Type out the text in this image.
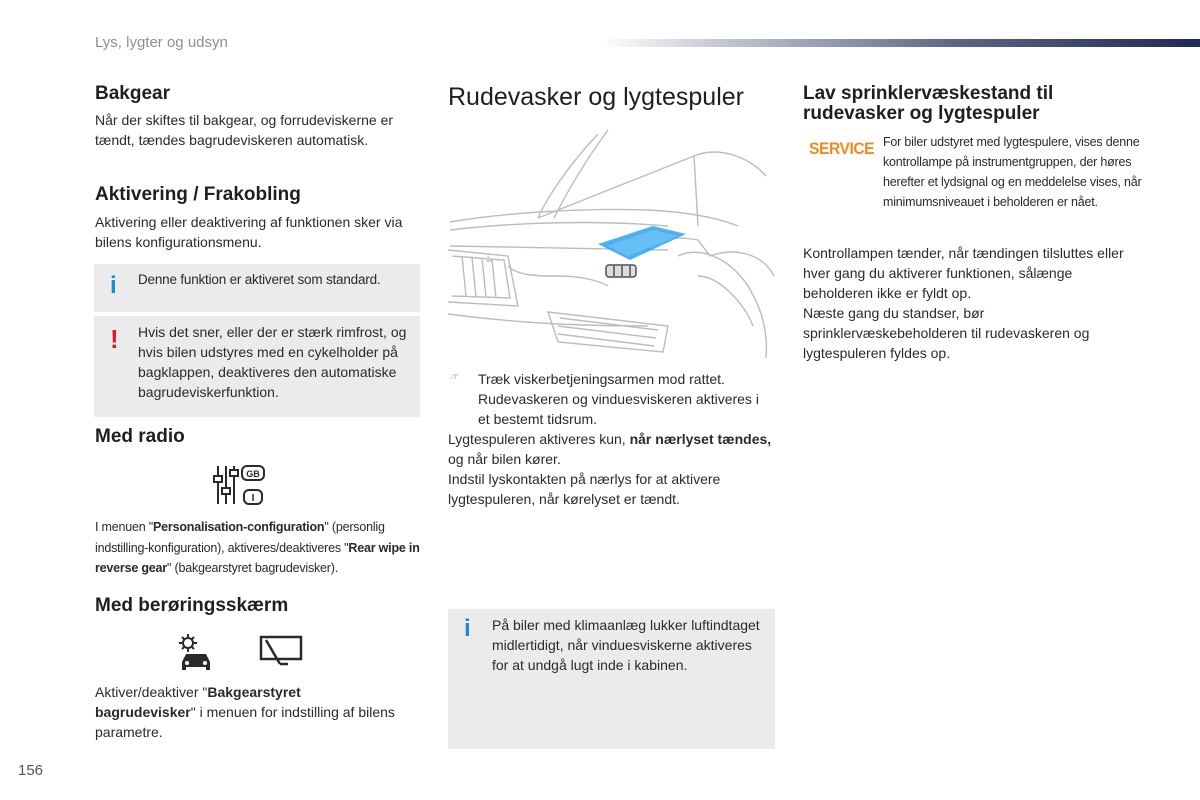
Lys, lygter og udsyn
Bakgear

Når der skiftes til bakgear, og forrudeviskerne er tændt, tændes bagrudeviskeren automatisk.

Aktivering / Frakobling

Aktivering eller deaktivering af funktionen sker via bilens konfigurationsmenu.

i Denne funktion er aktiveret som standard.

! Hvis det sner, eller der er stærk rimfrost, og hvis bilen udstyres med en cykelholder på bagklappen, deaktiveres den automatiske bagrudeviskerfunktion.

Med radio
GB
I

I menuen "Personalisation-configuration" (personlig indstilling-konfiguration), aktiveres/deaktiveres "Rear wipe in reverse gear" (bakgearstyret bagrudevisker).

Med berøringsskærm

Aktiver/deaktiver "Bakgearstyret bagrudevisker" i menuen for indstilling af bilens parametre.

Rudevasker og lygtespuler
☞ Træk viskerbetjeningsarmen mod rattet.

Rudevaskeren og vinduesviskeren aktiveres i et bestemt tidsrum.

Lygtespuleren aktiveres kun, når nærlyset tændes, og når bilen kører.

Indstil lyskontakten på nærlys for at aktivere lygtespuleren, når kørelyset er tændt.

i På biler med klimaanlæg lukker luftindtaget midlertidigt, når vinduesviskerne aktiveres for at undgå lugt inde i kabinen.

Lav sprinklervæskestand til
rudevasker og lygtespuler
SERVICE For biler udstyret med lygtespulere, vises denne kontrollampe på instrumentgruppen, der høres herefter et lydsignal og en meddelelse vises, når minimumsniveauet i beholderen er nået.

Kontrollampen tænder, når tændingen tilsluttes eller hver gang du aktiverer funktionen, sålænge beholderen ikke er fyldt op.

Næste gang du standser, bør sprinklervæskebeholderen til rudevaskeren og lygtespuleren fyldes op.

156
